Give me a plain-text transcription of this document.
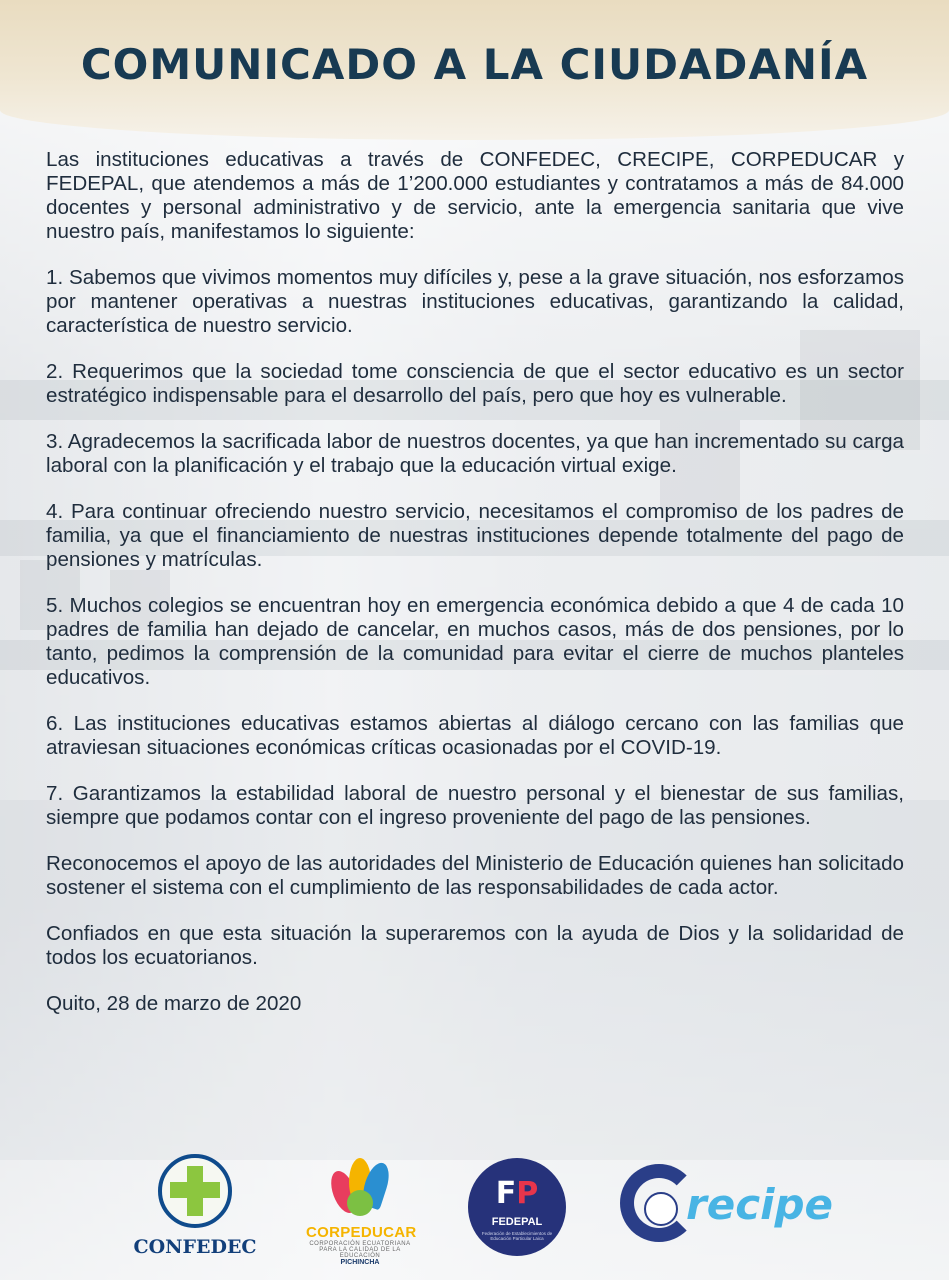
COMUNICADO A LA CIUDADANÍA

Las instituciones educativas a través de CONFEDEC, CRECIPE, CORPEDUCAR y FEDEPAL, que atendemos a más de 1’200.000 estudiantes y contratamos a más de 84.000 docentes y personal administrativo y de servicio, ante la emergencia sanitaria que vive nuestro país, manifestamos lo siguiente:

1. Sabemos que vivimos momentos muy difíciles y, pese a la grave situación, nos esforzamos por mantener operativas a nuestras instituciones educativas, garantizando la calidad, característica de nuestro servicio.

2. Requerimos que la sociedad tome consciencia de que el sector educativo es un sector estratégico indispensable para el desarrollo del país, pero que hoy es vulnerable.

3. Agradecemos la sacrificada labor de nuestros docentes, ya que han incrementado su carga laboral con la planificación y el trabajo que la educación virtual exige.

4. Para continuar ofreciendo nuestro servicio, necesitamos el compromiso de los padres de familia, ya que el financiamiento de nuestras instituciones depende totalmente del pago de pensiones y matrículas.

5. Muchos colegios se encuentran hoy en emergencia económica debido a que 4 de cada 10 padres de familia han dejado de cancelar, en muchos casos, más de dos pensiones, por lo tanto, pedimos la comprensión de la comunidad para evitar el cierre de muchos planteles educativos.

6. Las instituciones educativas estamos abiertas al diálogo cercano con las familias que atraviesan situaciones económicas críticas ocasionadas por el COVID-19.

7. Garantizamos la estabilidad laboral de nuestro personal y el bienestar de sus familias, siempre que podamos contar con el ingreso proveniente del pago de las pensiones.

Reconocemos el apoyo de las autoridades del Ministerio de Educación quienes han solicitado sostener el sistema con el cumplimiento de las responsabilidades de cada actor.

Confiados en que esta situación la superaremos con la ayuda de Dios y la solidaridad de todos los ecuatorianos.

Quito, 28 de marzo de 2020

CONFEDEC
CORPEDUCAR
CORPORACIÓN ECUATORIANA PARA LA CALIDAD DE LA EDUCACIÓN
PICHINCHA
FP
FEDEPAL
Federación de Establecimientos de Educación Particular Laica
recipe
